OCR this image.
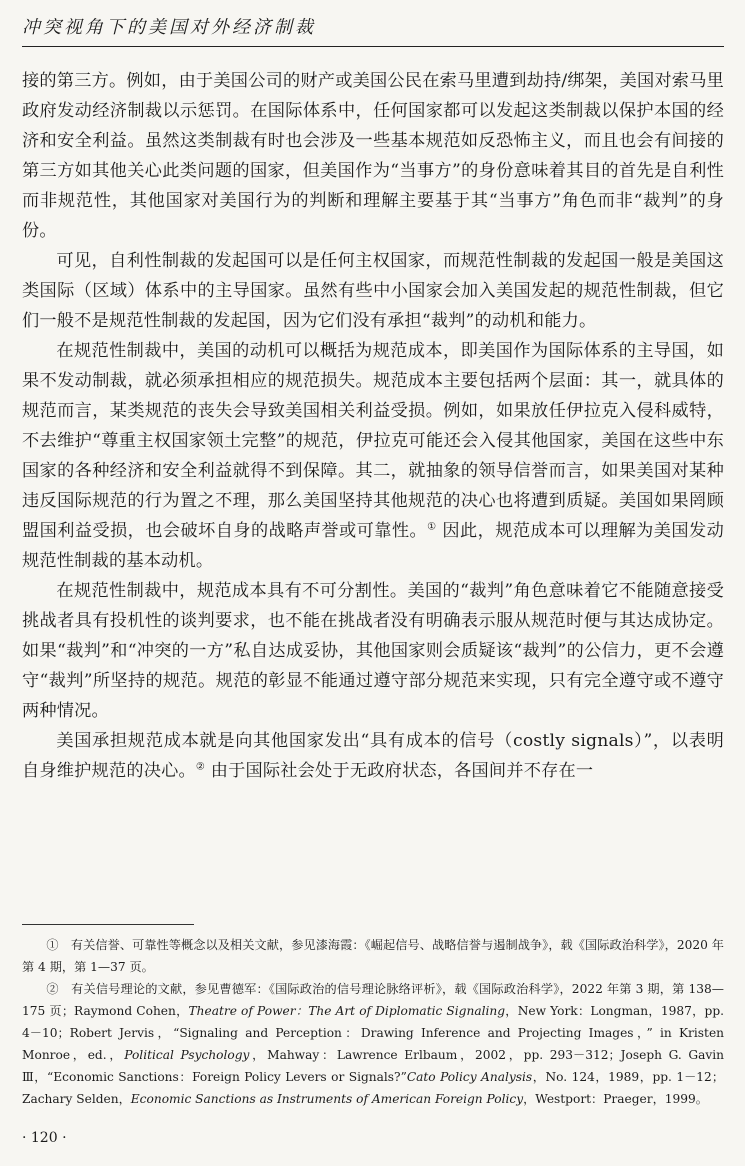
冲突视角下的美国对外经济制裁

接的第三方。例如，由于美国公司的财产或美国公民在索马里遭到劫持/绑架，美国对索马里政府发动经济制裁以示惩罚。在国际体系中，任何国家都可以发起这类制裁以保护本国的经济和安全利益。虽然这类制裁有时也会涉及一些基本规范如反恐怖主义，而且也会有间接的第三方如其他关心此类问题的国家，但美国作为“当事方”的身份意味着其目的首先是自利性而非规范性，其他国家对美国行为的判断和理解主要基于其“当事方”角色而非“裁判”的身份。

可见，自利性制裁的发起国可以是任何主权国家，而规范性制裁的发起国一般是美国这类国际（区域）体系中的主导国家。虽然有些中小国家会加入美国发起的规范性制裁，但它们一般不是规范性制裁的发起国，因为它们没有承担“裁判”的动机和能力。

在规范性制裁中，美国的动机可以概括为规范成本，即美国作为国际体系的主导国，如果不发动制裁，就必须承担相应的规范损失。规范成本主要包括两个层面：其一，就具体的规范而言，某类规范的丧失会导致美国相关利益受损。例如，如果放任伊拉克入侵科威特，不去维护“尊重主权国家领土完整”的规范，伊拉克可能还会入侵其他国家，美国在这些中东国家的各种经济和安全利益就得不到保障。其二，就抽象的领导信誉而言，如果美国对某种违反国际规范的行为置之不理，那么美国坚持其他规范的决心也将遭到质疑。美国如果罔顾盟国利益受损，也会破坏自身的战略声誉或可靠性。① 因此，规范成本可以理解为美国发动规范性制裁的基本动机。

在规范性制裁中，规范成本具有不可分割性。美国的“裁判”角色意味着它不能随意接受挑战者具有投机性的谈判要求，也不能在挑战者没有明确表示服从规范时便与其达成协定。如果“裁判”和“冲突的一方”私自达成妥协，其他国家则会质疑该“裁判”的公信力，更不会遵守“裁判”所坚持的规范。规范的彰显不能通过遵守部分规范来实现，只有完全遵守或不遵守两种情况。

美国承担规范成本就是向其他国家发出“具有成本的信号（costly signals）”，以表明自身维护规范的决心。② 由于国际社会处于无政府状态，各国间并不存在一

①　有关信誉、可靠性等概念以及相关文献，参见漆海霞：《崛起信号、战略信誉与遏制战争》，载《国际政治科学》，2020 年第 4 期，第 1—37 页。

②　有关信号理论的文献，参见曹德军：《国际政治的信号理论脉络评析》，载《国际政治科学》，2022 年第 3 期，第 138—175 页；Raymond Cohen，Theatre of Power：The Art of Diplomatic Signaling，New York：Longman，1987，pp. 4－10；Robert Jervis，“Signaling and Perception：Drawing Inference and Projecting Images，” in Kristen Monroe，ed.，Political Psychology，Mahway：Lawrence Erlbaum，2002，pp. 293－312；Joseph G. Gavin Ⅲ，“Economic Sanctions：Foreign Policy Levers or Signals?”Cato Policy Analysis，No. 124，1989，pp. 1－12；Zachary Selden，Economic Sanctions as Instruments of American Foreign Policy，Westport：Praeger，1999。

· 120 ·
